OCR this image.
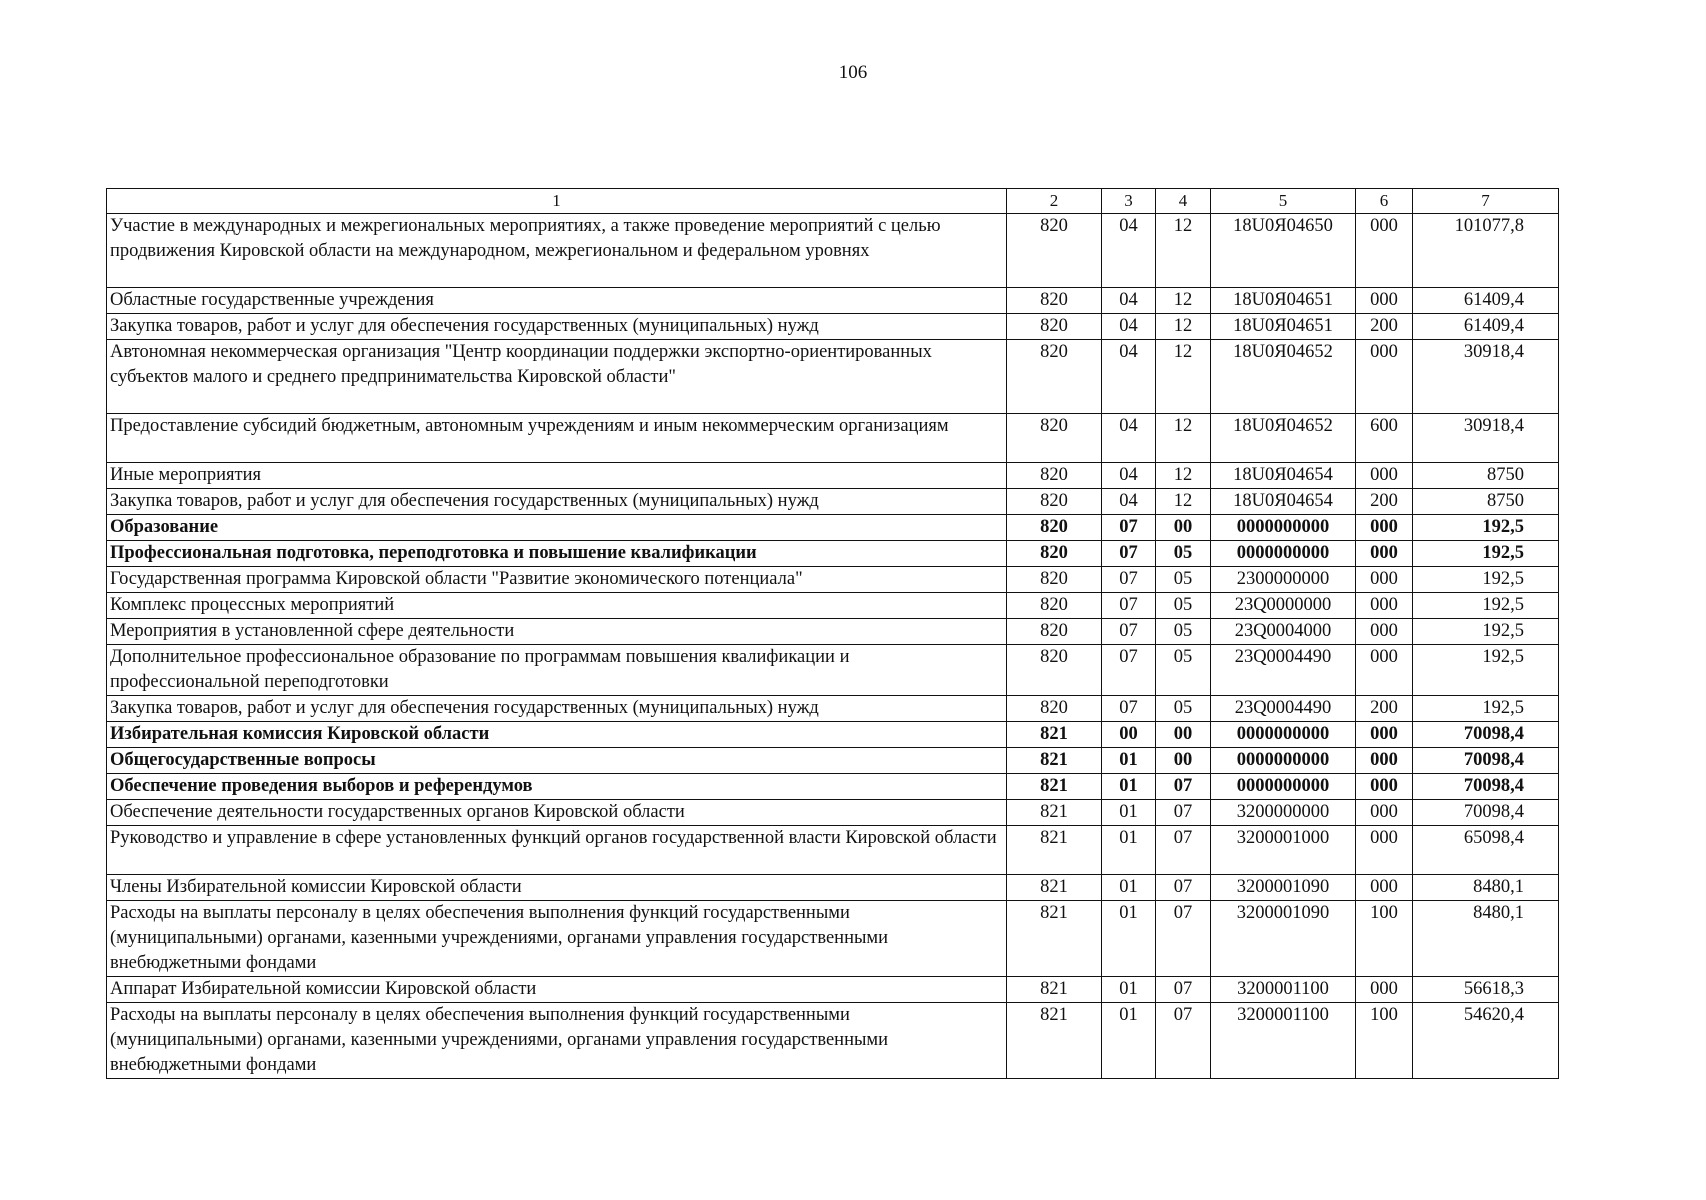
106
1	2	3	4	5	6	7
Участие в международных и межрегиональных мероприятиях, а также проведение мероприятий с целью продвижения Кировской области на международном, межрегиональном и федеральном уровнях	820	04	12	18U0Я04650	000	101077,8
Областные государственные учреждения	820	04	12	18U0Я04651	000	61409,4
Закупка товаров, работ и услуг для обеспечения государственных (муниципальных) нужд	820	04	12	18U0Я04651	200	61409,4
Автономная некоммерческая организация "Центр координации поддержки экспортно-ориентированных субъектов малого и среднего предпринимательства Кировской области"	820	04	12	18U0Я04652	000	30918,4
Предоставление субсидий бюджетным, автономным учреждениям и иным некоммерческим организациям	820	04	12	18U0Я04652	600	30918,4
Иные мероприятия	820	04	12	18U0Я04654	000	8750
Закупка товаров, работ и услуг для обеспечения государственных (муниципальных) нужд	820	04	12	18U0Я04654	200	8750
Образование	820	07	00	0000000000	000	192,5
Профессиональная подготовка, переподготовка и повышение квалификации	820	07	05	0000000000	000	192,5
Государственная программа Кировской области "Развитие экономического потенциала"	820	07	05	2300000000	000	192,5
Комплекс процессных мероприятий	820	07	05	23Q0000000	000	192,5
Мероприятия в установленной сфере деятельности	820	07	05	23Q0004000	000	192,5
Дополнительное профессиональное образование по программам повышения квалификации и профессиональной переподготовки	820	07	05	23Q0004490	000	192,5
Закупка товаров, работ и услуг для обеспечения государственных (муниципальных) нужд	820	07	05	23Q0004490	200	192,5
Избирательная комиссия Кировской области	821	00	00	0000000000	000	70098,4
Общегосударственные вопросы	821	01	00	0000000000	000	70098,4
Обеспечение проведения выборов и референдумов	821	01	07	0000000000	000	70098,4
Обеспечение деятельности государственных органов Кировской области	821	01	07	3200000000	000	70098,4
Руководство и управление в сфере установленных функций органов государственной власти Кировской области	821	01	07	3200001000	000	65098,4
Члены Избирательной комиссии Кировской области	821	01	07	3200001090	000	8480,1
Расходы на выплаты персоналу в целях обеспечения выполнения функций государственными (муниципальными) органами, казенными учреждениями, органами управления государственными внебюджетными фондами	821	01	07	3200001090	100	8480,1
Аппарат Избирательной комиссии Кировской области	821	01	07	3200001100	000	56618,3
Расходы на выплаты персоналу в целях обеспечения выполнения функций государственными (муниципальными) органами, казенными учреждениями, органами управления государственными внебюджетными фондами	821	01	07	3200001100	100	54620,4
